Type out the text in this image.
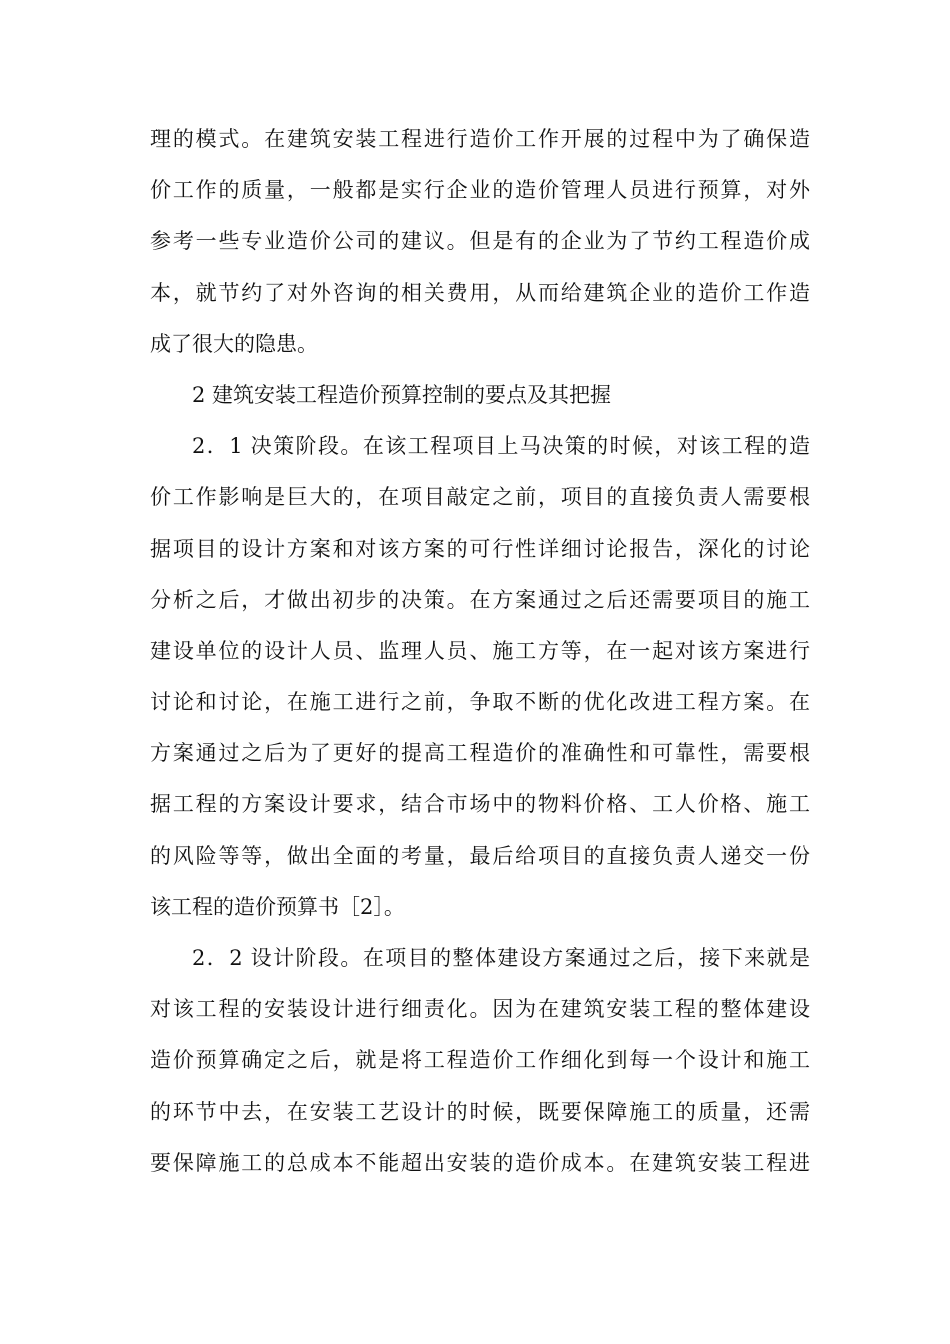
理的模式。在建筑安装工程进行造价工作开展的过程中为了确保造
价工作的质量，一般都是实行企业的造价管理人员进行预算，对外
参考一些专业造价公司的建议。但是有的企业为了节约工程造价成
本，就节约了对外咨询的相关费用，从而给建筑企业的造价工作造
成了很大的隐患。
2 建筑安装工程造价预算控制的要点及其把握
2．1 决策阶段。在该工程项目上马决策的时候，对该工程的造
价工作影响是巨大的，在项目敲定之前，项目的直接负责人需要根
据项目的设计方案和对该方案的可行性详细讨论报告，深化的讨论
分析之后，才做出初步的决策。在方案通过之后还需要项目的施工
建设单位的设计人员、监理人员、施工方等，在一起对该方案进行
讨论和讨论，在施工进行之前，争取不断的优化改进工程方案。在
方案通过之后为了更好的提高工程造价的准确性和可靠性，需要根
据工程的方案设计要求，结合市场中的物料价格、工人价格、施工
的风险等等，做出全面的考量，最后给项目的直接负责人递交一份
该工程的造价预算书［2］。
2．2 设计阶段。在项目的整体建设方案通过之后，接下来就是
对该工程的安装设计进行细责化。因为在建筑安装工程的整体建设
造价预算确定之后，就是将工程造价工作细化到每一个设计和施工
的环节中去，在安装工艺设计的时候，既要保障施工的质量，还需
要保障施工的总成本不能超出安装的造价成本。在建筑安装工程进
